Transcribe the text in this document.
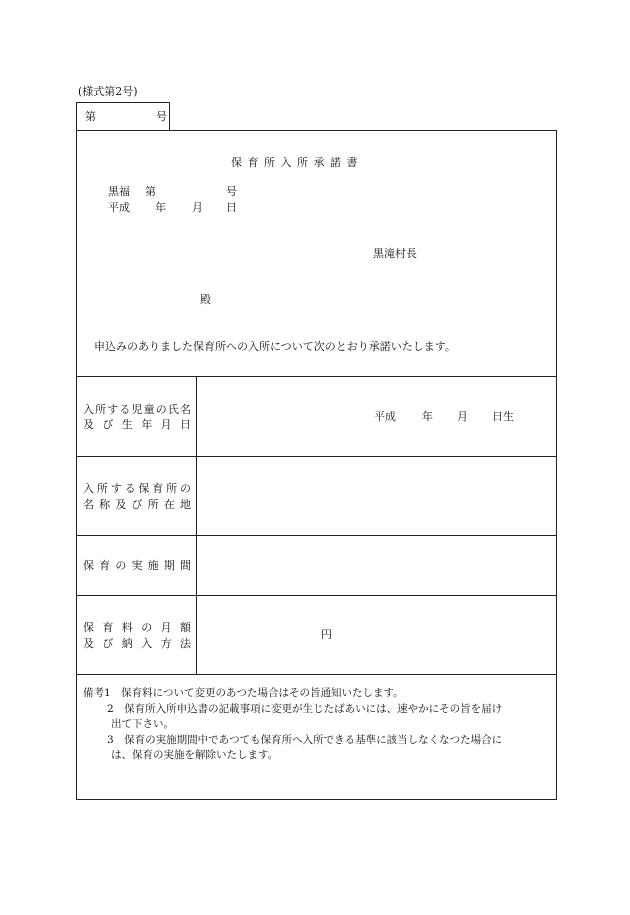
(様式第2号)
第	号
保 育 所 入 所 承 諾 書
黒福 第	号
平成 年 月 日
黒滝村長
殿
申込みのありました保育所への入所について次のとおり承諾いたします。
入所する児童の氏名
及 び 生 年 月 日
平成 年 月 日生
入所する保育所の
名 称 及 び 所 在 地
保 育 の 実 施 期 間
保 育 料 の 月 額
及 び 納 入 方 法
円
備考1　保育料について変更のあつた場合はその旨通知いたします。
2　保育所入所申込書の記載事項に変更が生じたばあいには、速やかにその旨を届け
出て下さい。
3　保育の実施期間中であつても保育所へ入所できる基準に該当しなくなつた場合に
は、保育の実施を解除いたします。
